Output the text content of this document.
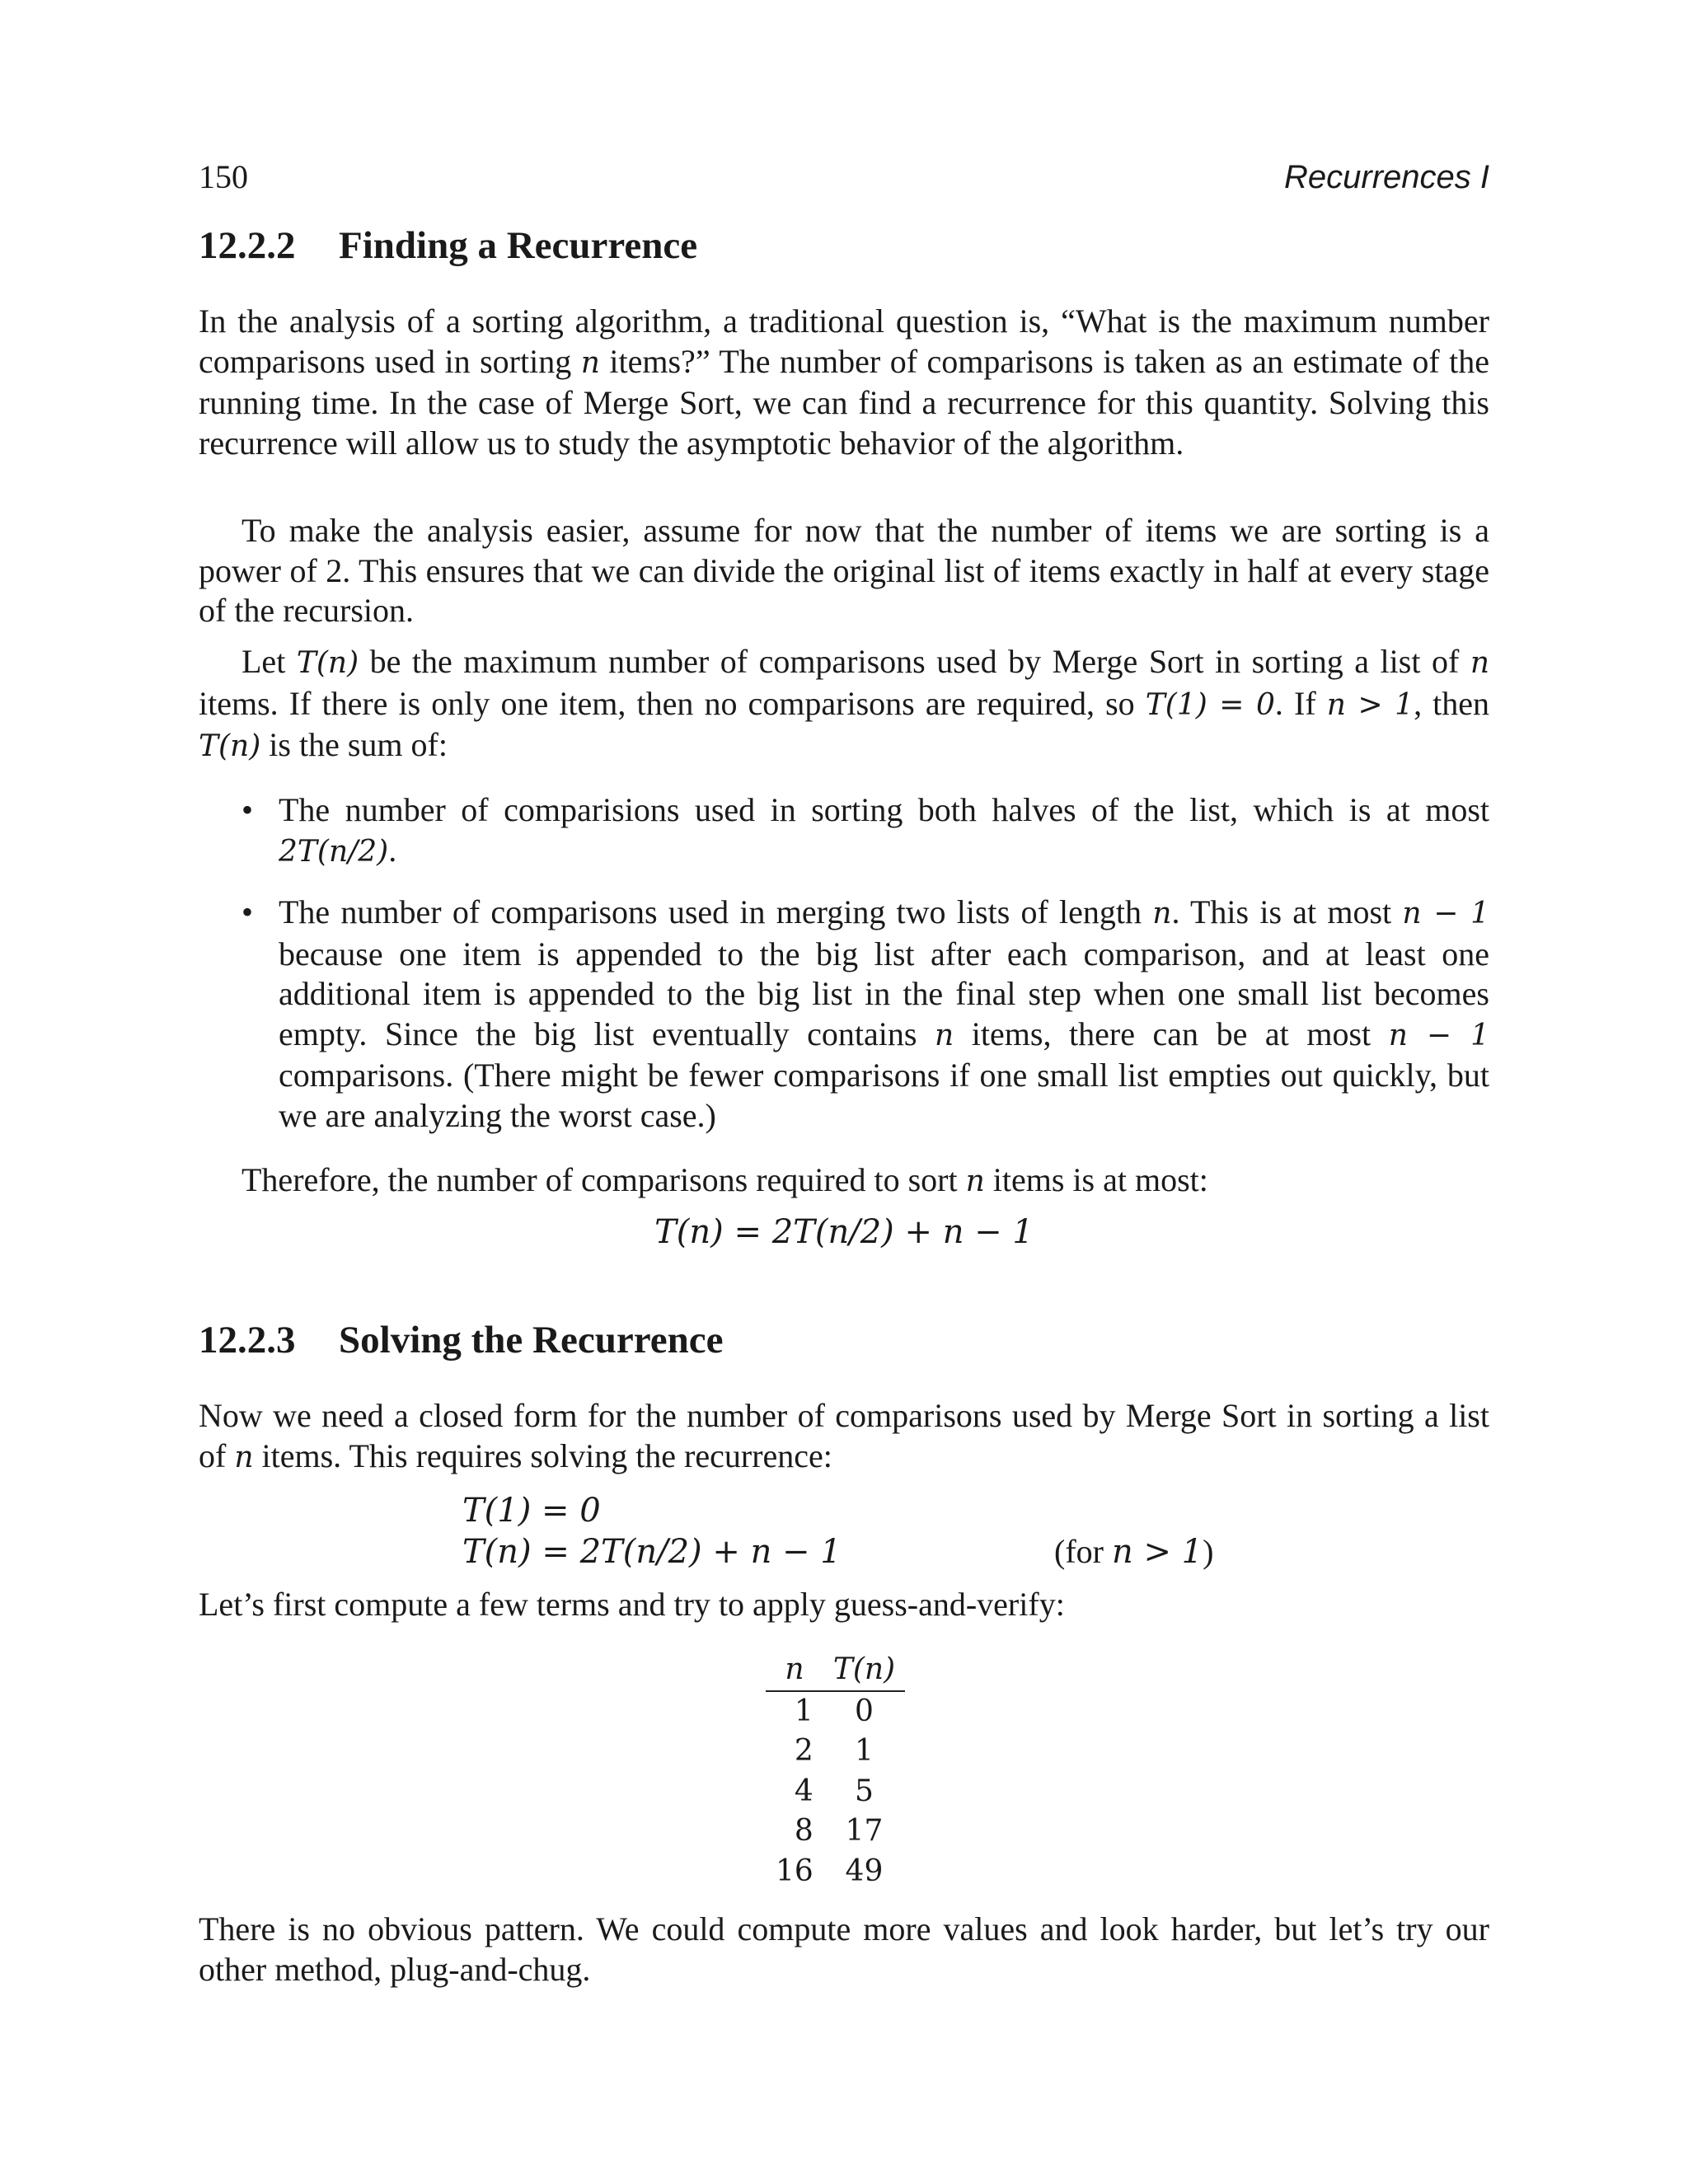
150	Recurrences I
12.2.2 Finding a Recurrence

In the analysis of a sorting algorithm, a traditional question is, “What is the maximum number comparisons used in sorting n items?” The number of comparisons is taken as an estimate of the running time. In the case of Merge Sort, we can find a recurrence for this quantity. Solving this recurrence will allow us to study the asymptotic behavior of the algorithm.

To make the analysis easier, assume for now that the number of items we are sorting is a power of 2. This ensures that we can divide the original list of items exactly in half at every stage of the recursion.

Let T(n) be the maximum number of comparisons used by Merge Sort in sorting a list of n items. If there is only one item, then no comparisons are required, so T(1) = 0. If n > 1, then T(n) is the sum of:

• The number of comparisions used in sorting both halves of the list, which is at most 2T(n/2).

• The number of comparisons used in merging two lists of length n. This is at most n − 1 because one item is appended to the big list after each comparison, and at least one additional item is appended to the big list in the final step when one small list becomes empty. Since the big list eventually contains n items, there can be at most n − 1 comparisons. (There might be fewer comparisons if one small list empties out quickly, but we are analyzing the worst case.)

Therefore, the number of comparisons required to sort n items is at most:

T(n) = 2T(n/2) + n − 1
12.2.3 Solving the Recurrence

Now we need a closed form for the number of comparisons used by Merge Sort in sorting a list of n items. This requires solving the recurrence:

T(1) = 0
T(n) = 2T(n/2) + n − 1	(for n > 1)

Let’s first compute a few terms and try to apply guess-and-verify:

n	T(n)
1	0
2	1
4	5
8	17
16	49

There is no obvious pattern. We could compute more values and look harder, but let’s try our other method, plug-and-chug.
